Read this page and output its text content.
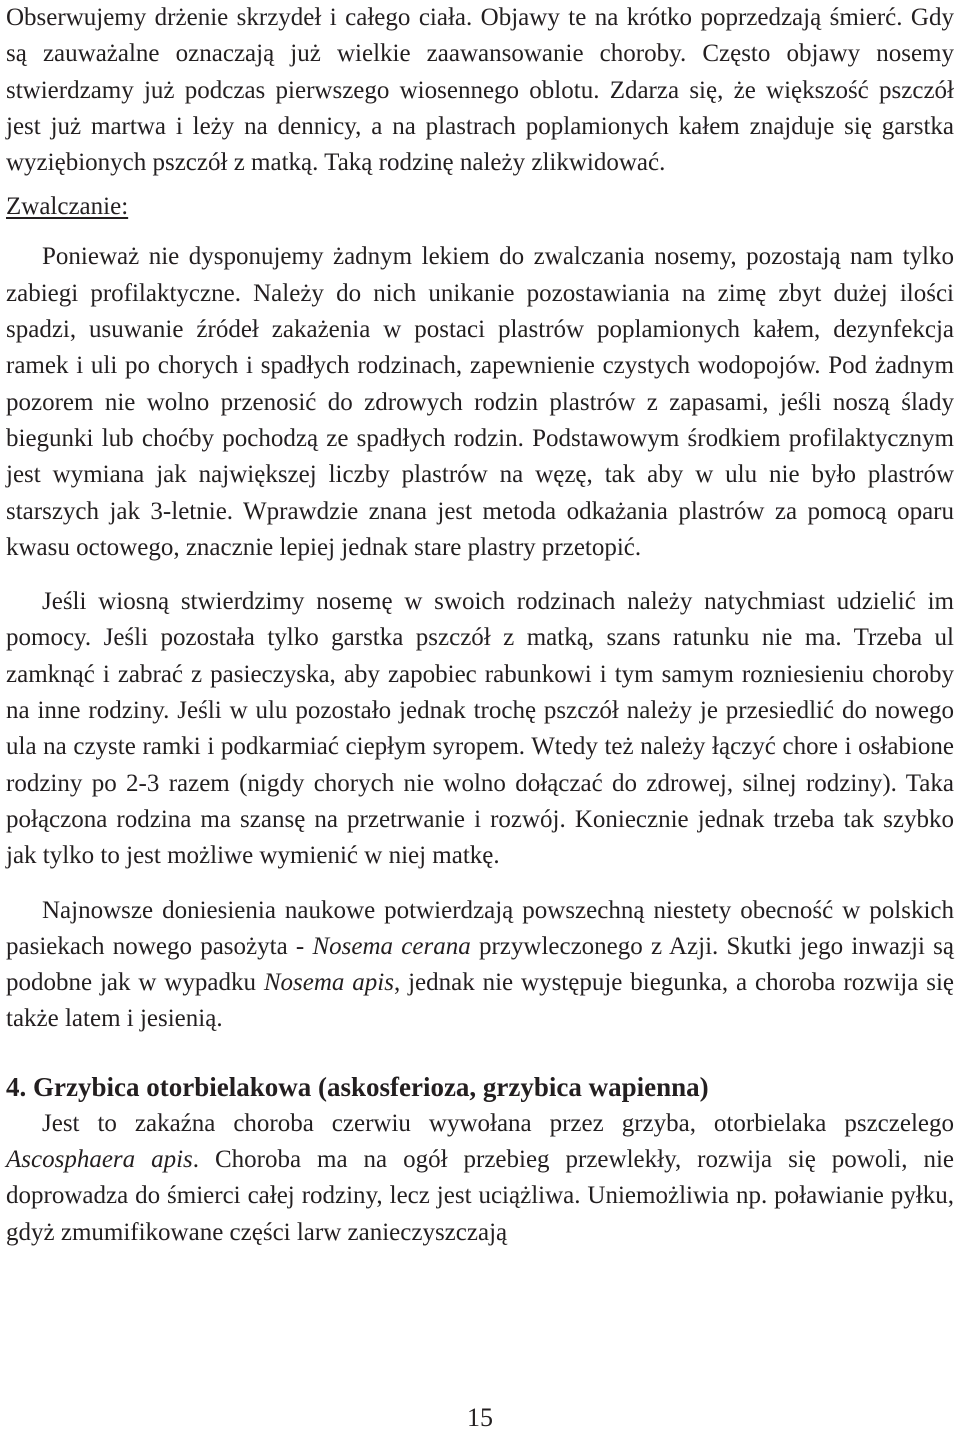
Obserwujemy drżenie skrzydeł i całego ciała. Objawy te na krótko poprzedzają śmierć. Gdy są zauważalne oznaczają już wielkie zaawansowanie choroby. Często objawy nosemy stwierdzamy już podczas pierwszego wiosennego oblotu. Zdarza się, że większość pszczół jest już martwa i leży na dennicy, a na plastrach poplamionych kałem znajduje się garstka wyziębionych pszczół z matką. Taką rodzinę należy zlikwidować.

Zwalczanie:

Ponieważ nie dysponujemy żadnym lekiem do zwalczania nosemy, pozostają nam tylko zabiegi profilaktyczne. Należy do nich unikanie pozostawiania na zimę zbyt dużej ilości spadzi, usuwanie źródeł zakażenia w postaci plastrów poplamionych kałem, dezynfekcja ramek i uli po chorych i spadłych rodzinach, zapewnienie czystych wodopojów. Pod żadnym pozorem nie wolno przenosić do zdrowych rodzin plastrów z zapasami, jeśli noszą ślady biegunki lub choćby pochodzą ze spadłych rodzin. Podstawowym środkiem profilaktycznym jest wymiana jak największej liczby plastrów na węzę, tak aby w ulu nie było plastrów starszych jak 3-letnie. Wprawdzie znana jest metoda odkażania plastrów za pomocą oparu kwasu octowego, znacznie lepiej jednak stare plastry przetopić.

Jeśli wiosną stwierdzimy nosemę w swoich rodzinach należy natychmiast udzielić im pomocy. Jeśli pozostała tylko garstka pszczół z matką, szans ratunku nie ma. Trzeba ul zamknąć i zabrać z pasieczyska, aby zapobiec rabunkowi i tym samym rozniesieniu choroby na inne rodziny. Jeśli w ulu pozostało jednak trochę pszczół należy je przesiedlić do nowego ula na czyste ramki i podkarmiać ciepłym syropem. Wtedy też należy łączyć chore i osłabione rodziny po 2-3 razem (nigdy chorych nie wolno dołączać do zdrowej, silnej rodziny). Taka połączona rodzina ma szansę na przetrwanie i rozwój. Koniecznie jednak trzeba tak szybko jak tylko to jest możliwe wymienić w niej matkę.

Najnowsze doniesienia naukowe potwierdzają powszechną niestety obecność w polskich pasiekach nowego pasożyta - Nosema cerana przywleczonego z Azji. Skutki jego inwazji są podobne jak w wypadku Nosema apis, jednak nie występuje biegunka, a choroba rozwija się także latem i jesienią.

4. Grzybica otorbielakowa (askosferioza, grzybica wapienna)

Jest to zakaźna choroba czerwiu wywołana przez grzyba, otorbielaka pszczelego Ascosphaera apis. Choroba ma na ogół przebieg przewlekły, rozwija się powoli, nie doprowadza do śmierci całej rodziny, lecz jest uciążliwa. Uniemożliwia np. poławianie pyłku, gdyż zmumifikowane części larw zanieczyszczają

15
